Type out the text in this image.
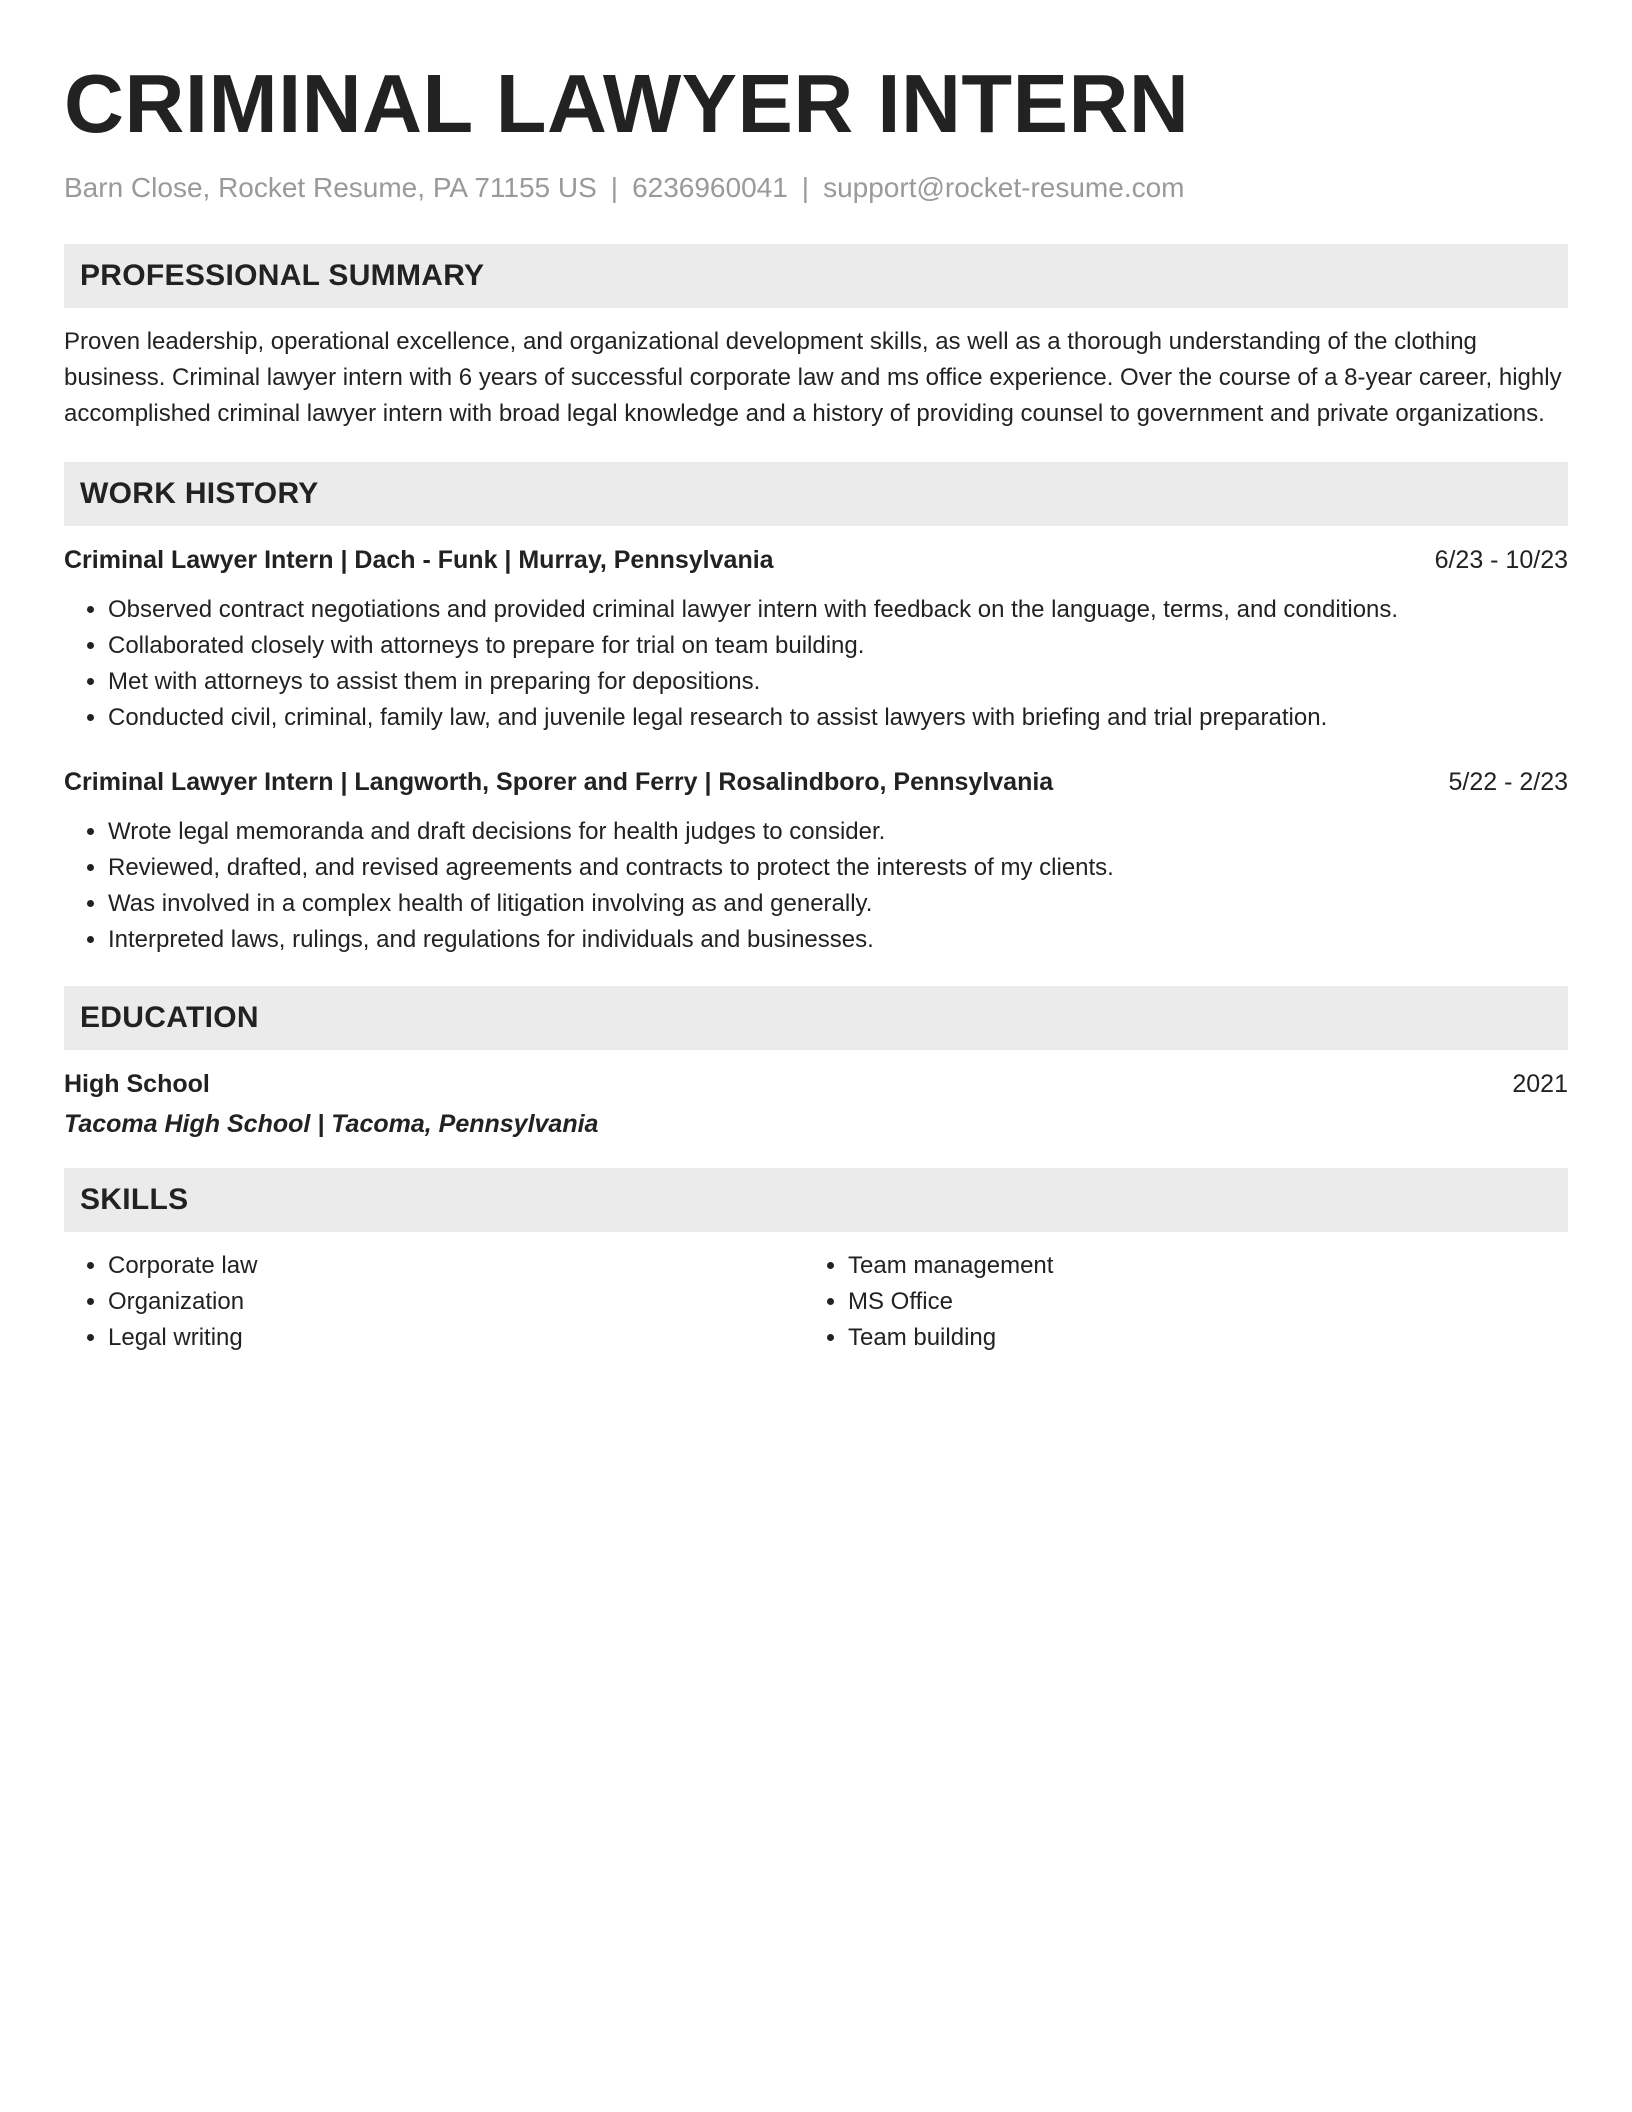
CRIMINAL LAWYER INTERN
Barn Close, Rocket Resume, PA 71155 US | 6236960041 | support@rocket-resume.com
PROFESSIONAL SUMMARY
Proven leadership, operational excellence, and organizational development skills, as well as a thorough understanding of the clothing business. Criminal lawyer intern with 6 years of successful corporate law and ms office experience. Over the course of a 8-year career, highly accomplished criminal lawyer intern with broad legal knowledge and a history of providing counsel to government and private organizations.
WORK HISTORY
Criminal Lawyer Intern | Dach - Funk | Murray, Pennsylvania	6/23 - 10/23
• Observed contract negotiations and provided criminal lawyer intern with feedback on the language, terms, and conditions.
• Collaborated closely with attorneys to prepare for trial on team building.
• Met with attorneys to assist them in preparing for depositions.
• Conducted civil, criminal, family law, and juvenile legal research to assist lawyers with briefing and trial preparation.
Criminal Lawyer Intern | Langworth, Sporer and Ferry | Rosalindboro, Pennsylvania	5/22 - 2/23
• Wrote legal memoranda and draft decisions for health judges to consider.
• Reviewed, drafted, and revised agreements and contracts to protect the interests of my clients.
• Was involved in a complex health of litigation involving as and generally.
• Interpreted laws, rulings, and regulations for individuals and businesses.
EDUCATION
High School	2021
Tacoma High School | Tacoma, Pennsylvania
SKILLS
• Corporate law
• Organization
• Legal writing
• Team management
• MS Office
• Team building
